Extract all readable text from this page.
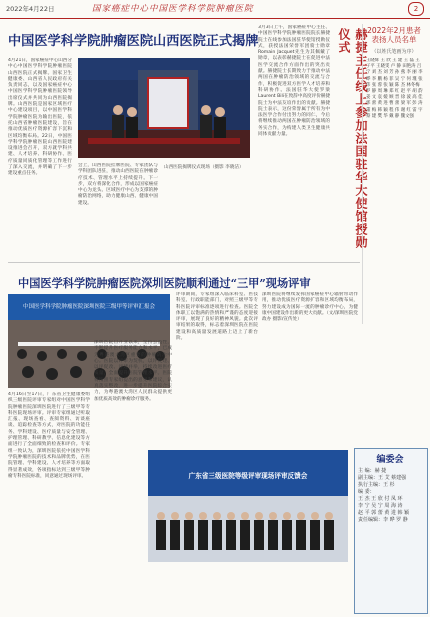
2022年4月22日	国家癌症中心中国医学科学院肿瘤医院	2
中国医学科学院肿瘤医院山西医院正式揭牌
4月21日，国家癌症中心山西分中心中国医学科学院肿瘤医院山西医院正式揭牌。国家卫生健康委、山西省人民政府有关负责同志，以及国家癌症中心中国医学科学院肿瘤医院领导出席仪式并共同为山西医院揭牌。山西医院是国家区域医疗中心建设项目，以中国医学科学院肿瘤医院为输出医院，依托山西省肿瘤医院建设，旨在推动优质医疗资源扩容下沉和区域均衡布局。22日，中国医学科学院肿瘤医院山西医院建设推进会召开，双方就学科共建、人才培养、科研协作、医疗质量同质化管理等工作进行了深入交流，并明确了下一步建设重点任务。
会上，山西医院挂牌医院、专家团队与学科团队进驻，推动山西医院在肿瘤诊疗技术、管理水平上持续提升。下一步，双方将深化合作，形成以国家癌症中心为龙头、区域医疗中心为支撑的肿瘤防治网络，助力健康山西、健康中国建设。
山西医院揭牌仪式现场（摄影 李晓洁）
3月3日上午，国家癌症中心主任、中国医学科学院肿瘤医院院长赫捷院士在线参加法国驻华使馆授勋仪式，获授法国荣誉军团骑士勋章Romain Jacquet先生为其佩戴了勋章，以表彰赫捷院士在促进中法医学交流合作方面作出的突出贡献。赫捷院士长期致力于推动中法两国在肿瘤防治领域的交流与合作，积极促进双方医学人才培养和科研协作。法国驻华大使罗梁Laurent Bili在致辞中高度评价赫捷院士为中法友谊作出的贡献。赫捷院士表示，这份荣誉属于所有为中法医学合作付出努力的同仁，今后将继续推动两国在肿瘤防治领域的务实合作，为构建人类卫生健康共同体贡献力量。	赫捷主任线上参加法国驻华大使馆授勋仪式	2022年2月患者表扬人员名单
（以姓氏笔画为序）
王晓辉 王 欣 王 建 王 磊 王子平 王晓雯 卢 静 田艳涛 吕 宁 刘 杰 刘 芳 孙 燕 李 丽 李 晔 李 鹏 杨 菲 吴 宁 何 瑾 张 伟 张 蓉 张 颖 陈 杰 林冬梅 罗 静 周 琳 郑 红 赵 平 胡 韵 姜 文 袁 媛 顾 晋 徐 波 高 佳 郭 蕾 黄 进 曹 蕾 梁 军 彭 涛 董 梅 韩 颖 程 伟 谢 红 雷 宇 蔡 建 樊 华 戴 静 魏文强
中国医学科学院肿瘤医院深圳医院顺利通过“三甲”现场评审
中国医学科学院肿瘤医院深圳医院三级甲等评审汇报会
4月16日至17日，广东省卫生健康委组织三级医院评审专家组对中国医学科学院肿瘤医院深圳医院进行了三级甲等专科医院现场评审。评审专家组通过听取汇报、现场查看、查阅资料、访谈座谈、追踪检查等方式，对医院的功能任务、学科建设、医疗质量与安全管理、护理管理、科研教学、信息化建设等方面进行了全面细致的检查和评价。专家组一致认为，深圳医院依托中国医学科学院肿瘤医院的技术和品牌优势，在医院管理、学科建设、人才培养等方面取得显著成效，各项指标达到三级甲等肿瘤专科医院标准，同意通过现场评审。
深圳医院自开业以来，坚持公益性，不断提升医疗服务能力和水平，已成为粤港澳大湾区重要的肿瘤防治中心。医院以评审为契机，以评促建、以评促改、评建并举，持续改进医疗质量，全面提升医院管理水平。医院将按照专家组提出的意见和建议，认真落实整改，进一步提升医院综合实力，为粤港澳大湾区人民群众提供更加优质高效的肿瘤诊疗服务。
评审期间，专家组深入临床科室、医技科室、行政职能部门，对照三级甲等专科医院评审标准逐项进行检查。医院全体职工以饱满的热情和严谨的态度迎接评审，展现了良好的精神风貌。此次评审结果的取得，标志着深圳医院在医院建设和高质量发展道路上迈上了新台阶。
深圳医院将继续发挥国家癌症中心辐射带动作用，推动优质医疗资源扩容和区域均衡布局，努力建设成为国际一流的肿瘤诊疗中心，为健康中国建设作出新的更大贡献。（文/深圳医院党政办 摄影/宣传处）
广东省三级医院等级评审现场评审反馈会
编委会
主 编：赫 捷
副主编：王 艾 蔡建强
执行主编：王 杉
编 委：
王 杰 王 欣 付 凤 环
李 宁 吴 宁 周 海 涛
赵 平 郭 蕾 黄 进 韩 颖
责任编辑：李 晔 罗 静
